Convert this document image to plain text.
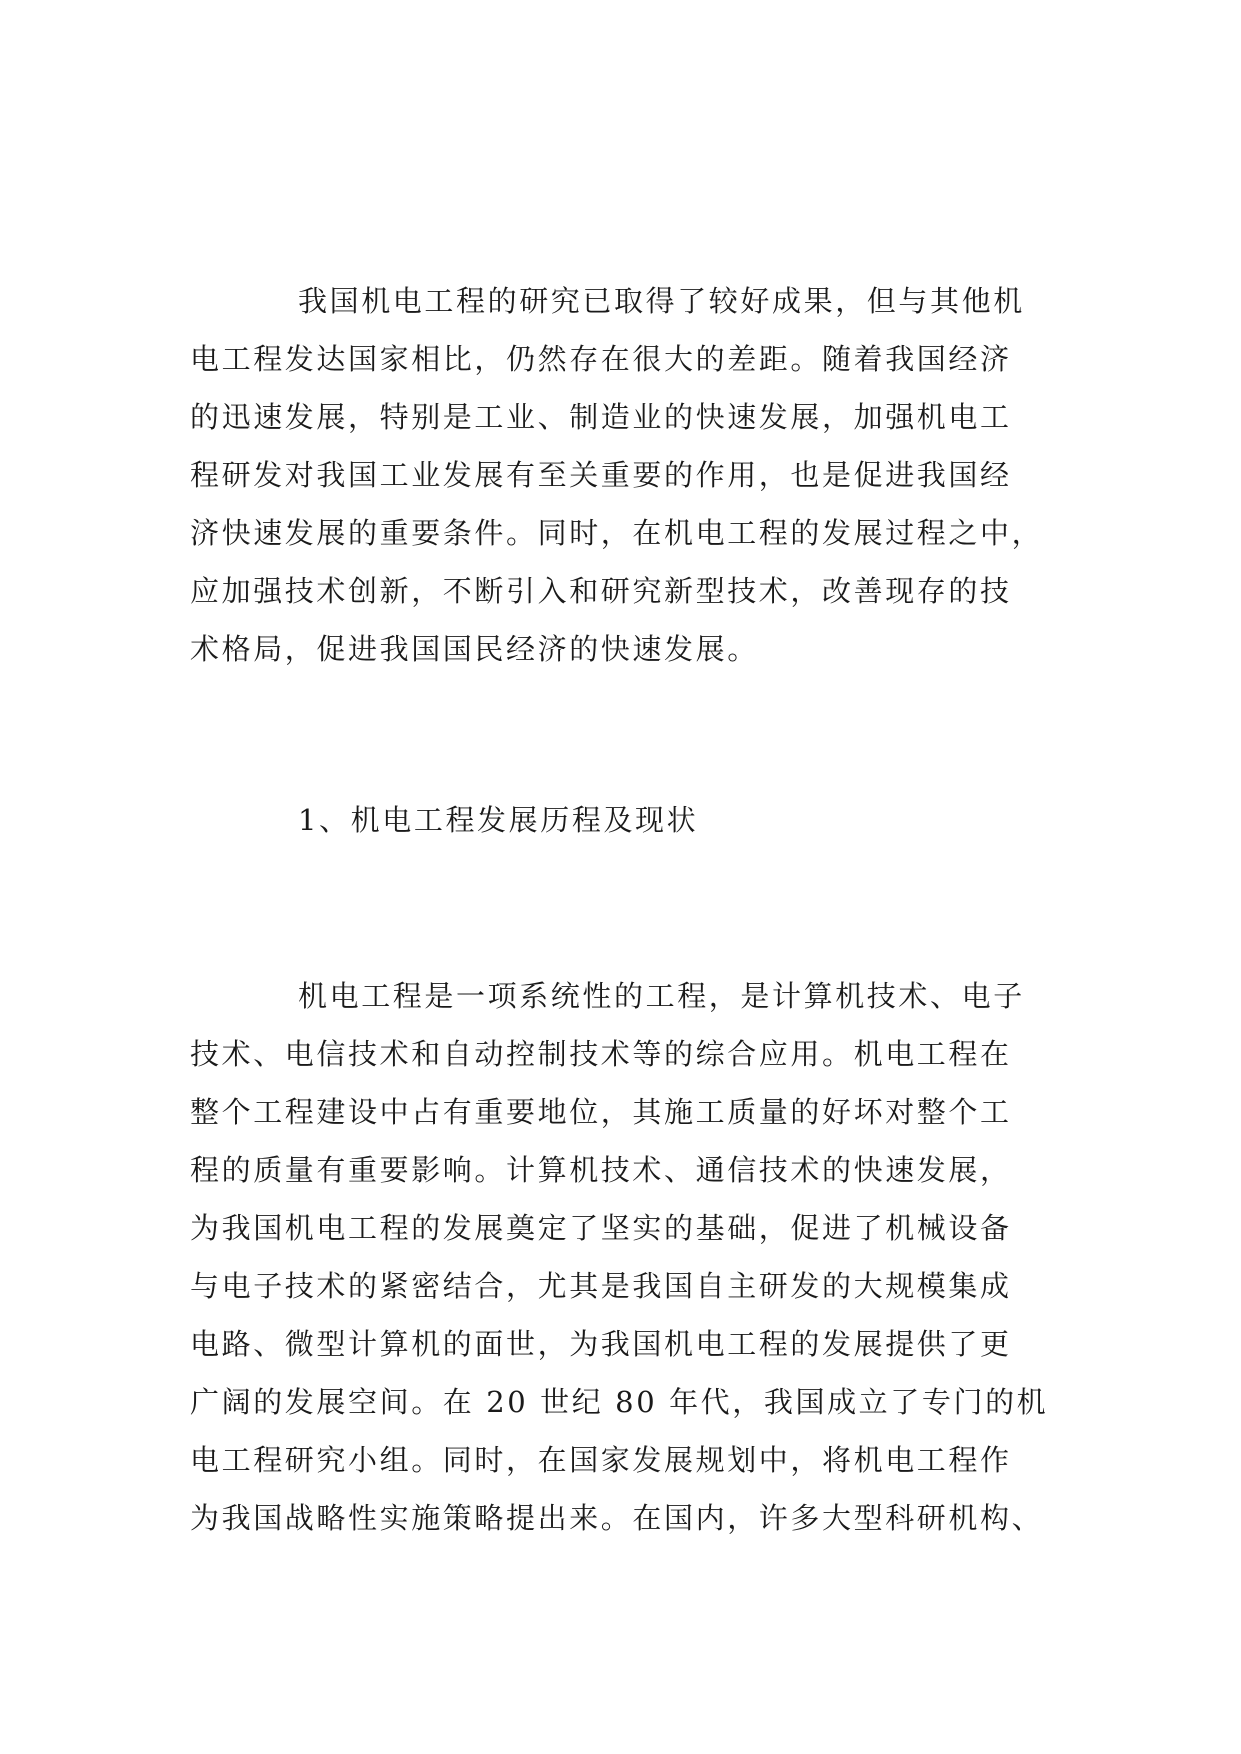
我国机电工程的研究已取得了较好成果，但与其他机
电工程发达国家相比，仍然存在很大的差距。随着我国经济
的迅速发展，特别是工业、制造业的快速发展，加强机电工
程研发对我国工业发展有至关重要的作用，也是促进我国经
济快速发展的重要条件。同时，在机电工程的发展过程之中，
应加强技术创新，不断引入和研究新型技术，改善现存的技
术格局，促进我国国民经济的快速发展。
1、机电工程发展历程及现状
机电工程是一项系统性的工程，是计算机技术、电子
技术、电信技术和自动控制技术等的综合应用。机电工程在
整个工程建设中占有重要地位，其施工质量的好坏对整个工
程的质量有重要影响。计算机技术、通信技术的快速发展，
为我国机电工程的发展奠定了坚实的基础，促进了机械设备
与电子技术的紧密结合，尤其是我国自主研发的大规模集成
电路、微型计算机的面世，为我国机电工程的发展提供了更
广阔的发展空间。在 20 世纪 80 年代，我国成立了专门的机
电工程研究小组。同时，在国家发展规划中，将机电工程作
为我国战略性实施策略提出来。在国内，许多大型科研机构、
